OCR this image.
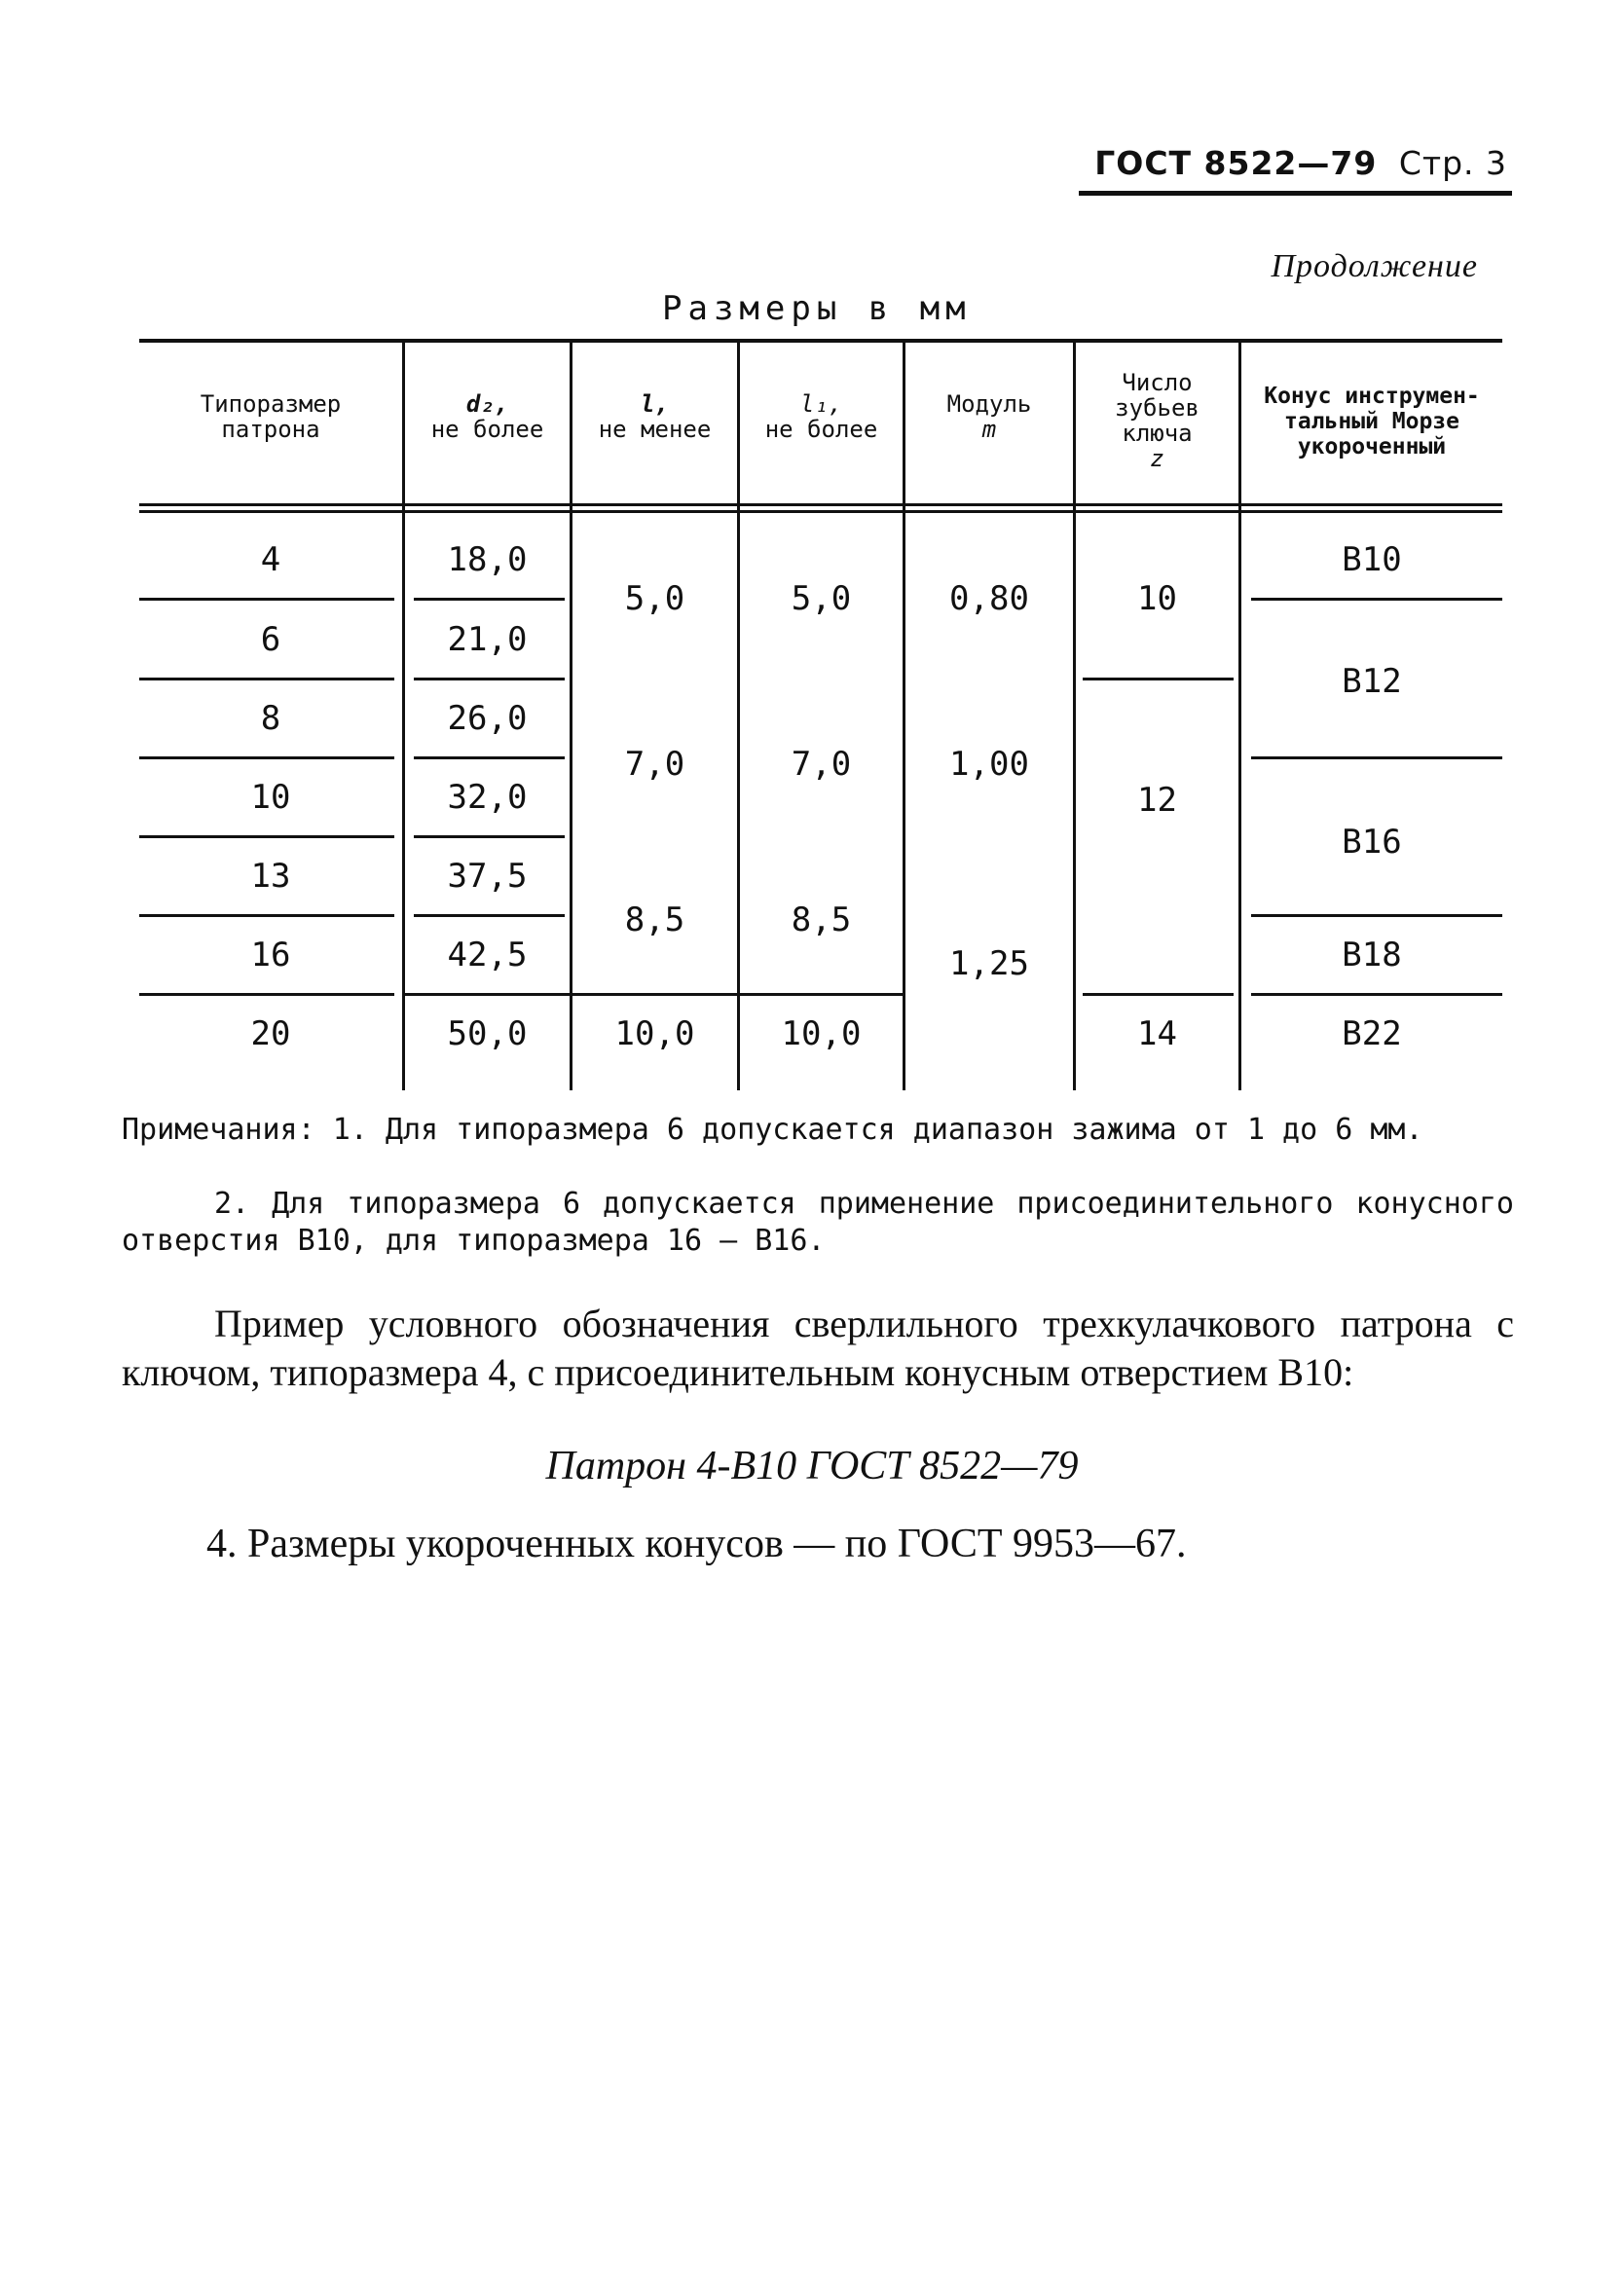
ГОСТ 8522—79 Стр. 3
Продолжение
Размеры в мм
Типоразмер
патрона
d₂,
не более
l,
не менее
l₁,
не более
Модуль
m
Число
зубьев
ключа
z
Конус инструмен-
тальный Морзе
укороченный
4
6
8
10
13
16
20
18,0
21,0
26,0
32,0
37,5
42,5
50,0
5,0
7,0
8,5
10,0
5,0
7,0
8,5
10,0
0,80
1,00
1,25
10
12
14
B10
B12
B16
B18
B22
Примечания: 1. Для типоразмера 6 допускается диапазон зажима от 1 до 6 мм.
2. Для типоразмера 6 допускается применение присоединительного конусного отверстия B10, для типоразмера 16 — B16.
Пример условного обозначения сверлильного трехкулачкового патрона с ключом, типоразмера 4, с присоединительным конусным отверстием B10:
Патрон 4-B10 ГОСТ 8522—79
4. Размеры укороченных конусов — по ГОСТ 9953—67.
